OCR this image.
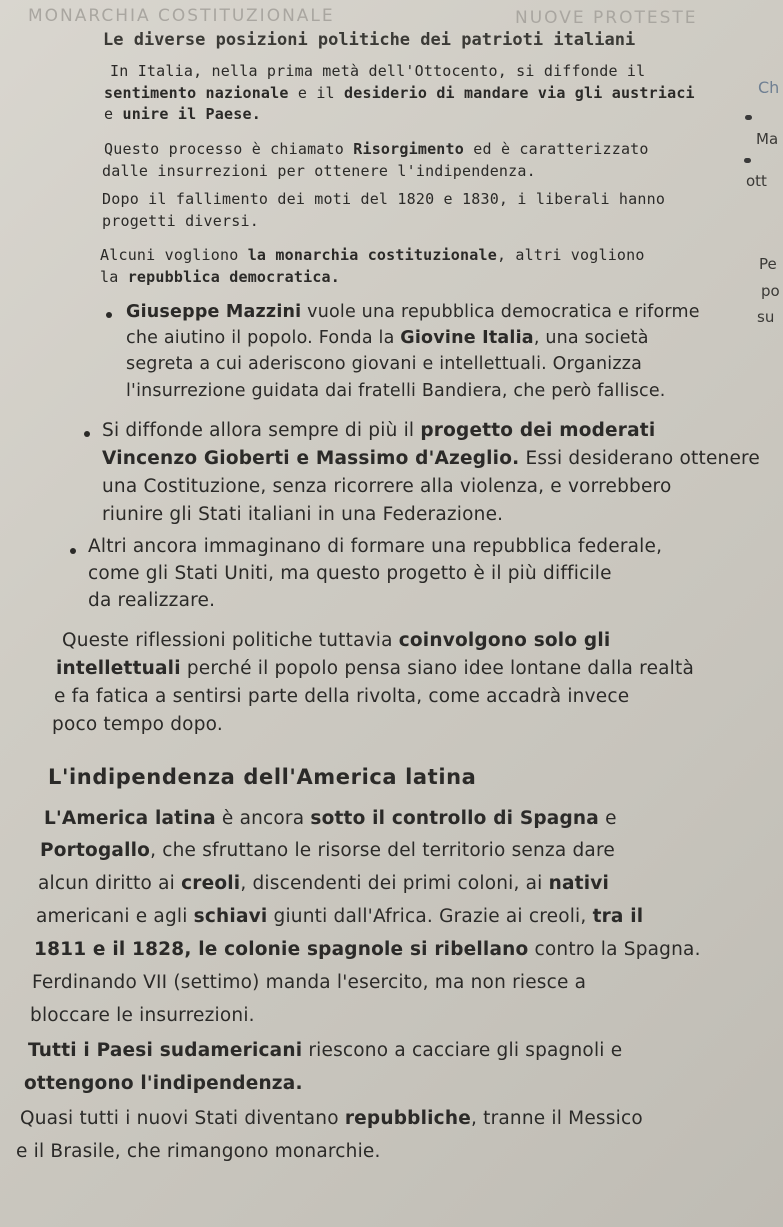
MONARCHIA COSTITUZIONALE	NUOVE PROTESTE
Le diverse posizioni politiche dei patrioti italiani
In Italia, nella prima metà dell'Ottocento, si diffonde il
sentimento nazionale e il desiderio di mandare via gli austriaci
e unire il Paese.
Questo processo è chiamato Risorgimento ed è caratterizzato
dalle insurrezioni per ottenere l'indipendenza.
Dopo il fallimento dei moti del 1820 e 1830, i liberali hanno
progetti diversi.
Alcuni vogliono la monarchia costituzionale, altri vogliono
la repubblica democratica.
Giuseppe Mazzini vuole una repubblica democratica e riforme
che aiutino il popolo. Fonda la Giovine Italia, una società
segreta a cui aderiscono giovani e intellettuali. Organizza
l'insurrezione guidata dai fratelli Bandiera, che però fallisce.
Si diffonde allora sempre di più il progetto dei moderati
Vincenzo Gioberti e Massimo d'Azeglio. Essi desiderano ottenere
una Costituzione, senza ricorrere alla violenza, e vorrebbero
riunire gli Stati italiani in una Federazione.
Altri ancora immaginano di formare una repubblica federale,
come gli Stati Uniti, ma questo progetto è il più difficile
da realizzare.
Queste riflessioni politiche tuttavia coinvolgono solo gli
intellettuali perché il popolo pensa siano idee lontane dalla realtà
e fa fatica a sentirsi parte della rivolta, come accadrà invece
poco tempo dopo.
L'indipendenza dell'America latina
L'America latina è ancora sotto il controllo di Spagna e
Portogallo, che sfruttano le risorse del territorio senza dare
alcun diritto ai creoli, discendenti dei primi coloni, ai nativi
americani e agli schiavi giunti dall'Africa. Grazie ai creoli, tra il
1811 e il 1828, le colonie spagnole si ribellano contro la Spagna.
Ferdinando VII (settimo) manda l'esercito, ma non riesce a
bloccare le insurrezioni.
Tutti i Paesi sudamericani riescono a cacciare gli spagnoli e
ottengono l'indipendenza.
Quasi tutti i nuovi Stati diventano repubbliche, tranne il Messico
e il Brasile, che rimangono monarchie.
Ch
Ma
ott
Pe
po
su
